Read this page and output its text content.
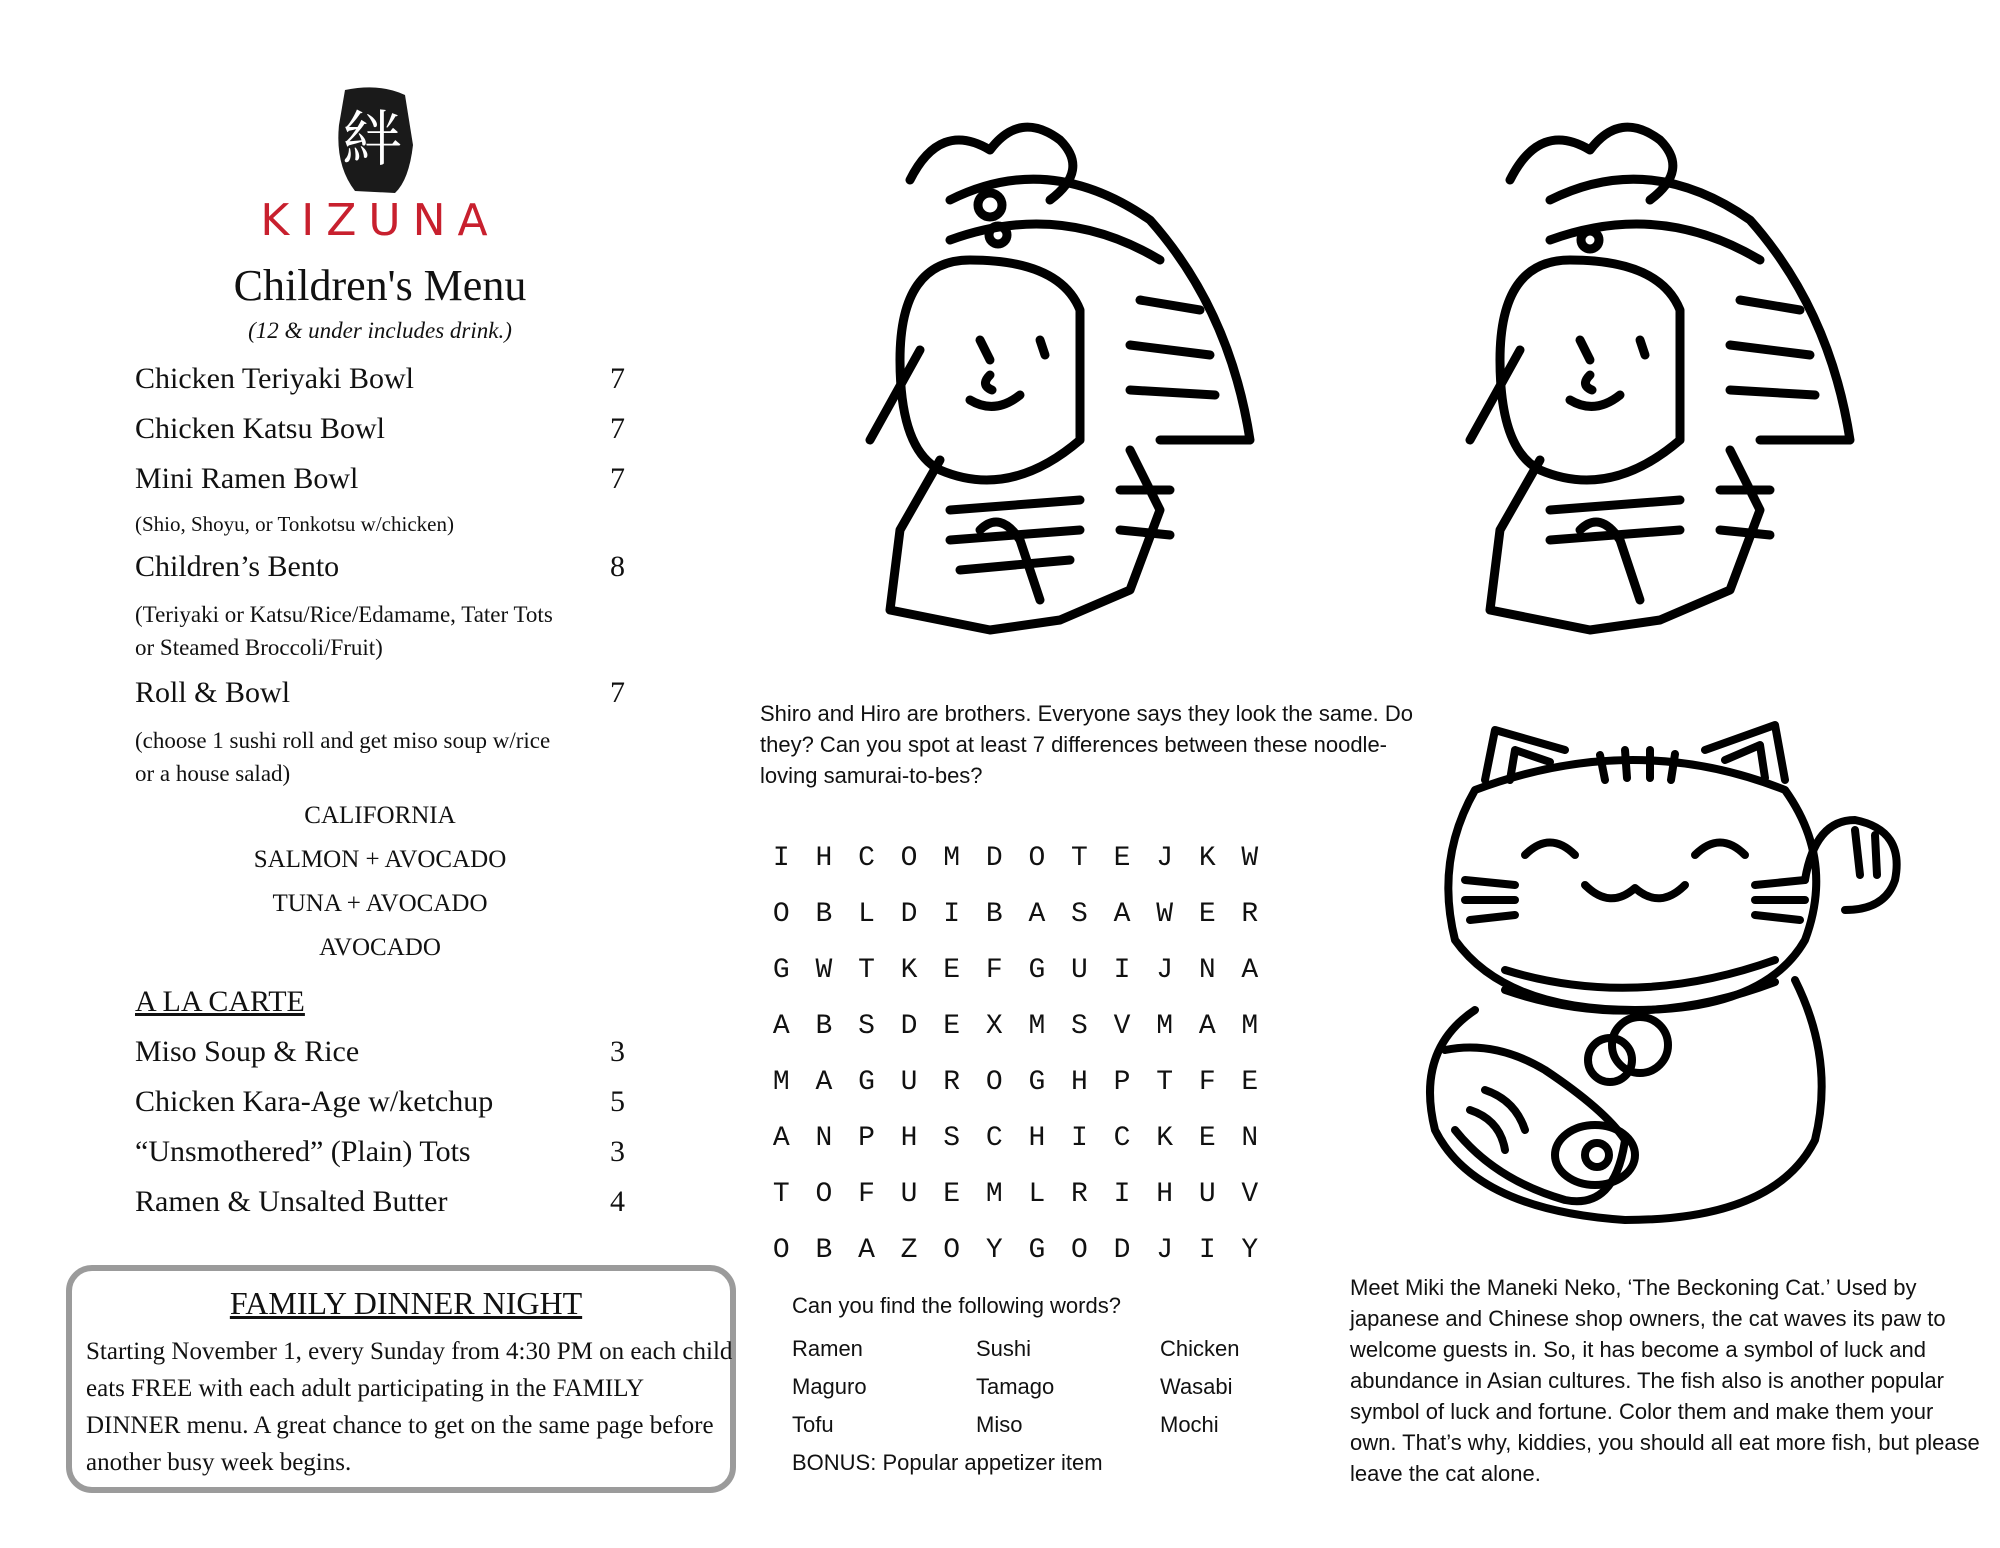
絆
KIZUNA
Children's Menu
(12 & under includes drink.)
Chicken Teriyaki Bowl	7
Chicken Katsu Bowl	7
Mini Ramen Bowl	7
(Shio, Shoyu, or Tonkotsu w/chicken)
Children’s Bento	8
(Teriyaki or Katsu/Rice/Edamame, Tater Tots
or Steamed Broccoli/Fruit)
Roll & Bowl	7
(choose 1 sushi roll and get miso soup w/rice
or a house salad)
CALIFORNIA
SALMON + AVOCADO
TUNA + AVOCADO
AVOCADO
A LA CARTE
Miso Soup & Rice	3
Chicken Kara-Age w/ketchup	5
“Unsmothered” (Plain) Tots	3
Ramen & Unsalted Butter	4
FAMILY DINNER NIGHT
Starting November 1, every Sunday from 4:30 PM on each child eats FREE with each adult participating in the FAMILY DINNER menu. A great chance to get on the same page before another busy week begins.
Shiro and Hiro are brothers. Everyone says they look the same. Do they? Can you spot at least 7 differences between these noodle-loving samurai-to-bes?
I H C O M D O T E J K W
O B L D I B A S A W E R
G W T K E F G U I J N A
A B S D E X M S V M A M
M A G U R O G H P T F E
A N P H S C H I C K E N
T O F U E M L R I H U V
O B A Z O Y G O D J I Y
Can you find the following words?
Ramen	Sushi	Chicken
Maguro	Tamago	Wasabi
Tofu	Miso	Mochi
BONUS: Popular appetizer item
Meet Miki the Maneki Neko, ‘The Beckoning Cat.’ Used by japanese and Chinese shop owners, the cat waves its paw to welcome guests in. So, it has become a symbol of luck and abundance in Asian cultures. The fish also is another popular symbol of luck and fortune. Color them and make them your own. That’s why, kiddies, you should all eat more fish, but please leave the cat alone.
